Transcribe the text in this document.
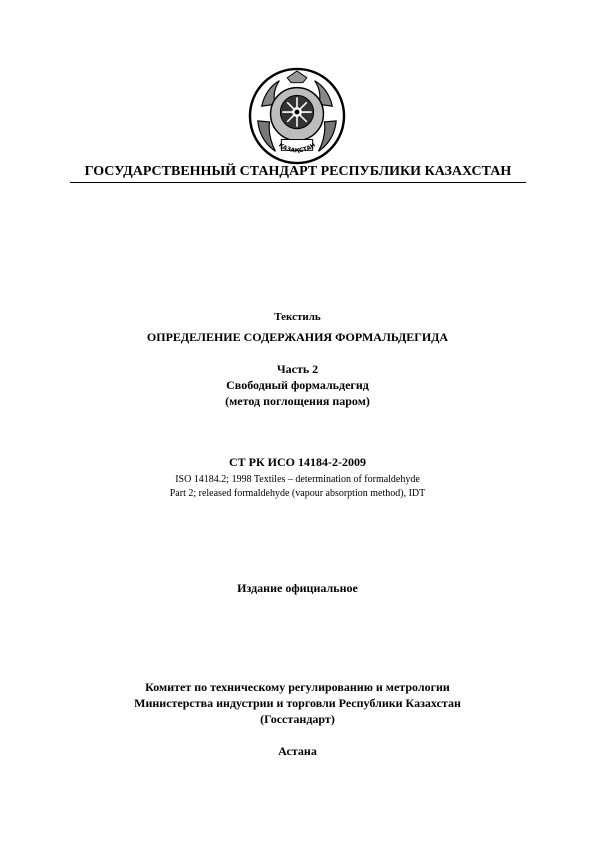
ҚАЗАҚСТАН
ГОСУДАРСТВЕННЫЙ СТАНДАРТ РЕСПУБЛИКИ КАЗАХСТАН
Текстиль
ОПРЕДЕЛЕНИЕ СОДЕРЖАНИЯ ФОРМАЛЬДЕГИДА
Часть 2
Свободный формальдегид
(метод поглощения паром)
СТ РК ИСО 14184-2-2009
ISO 14184.2; 1998 Textiles – determination of formaldehyde
Part 2; released formaldehyde (vapour absorption method), IDT
Издание официальное
Комитет по техническому регулированию и метрологии
Министерства индустрии и торговли Республики Казахстан
(Госстандарт)
Астана
